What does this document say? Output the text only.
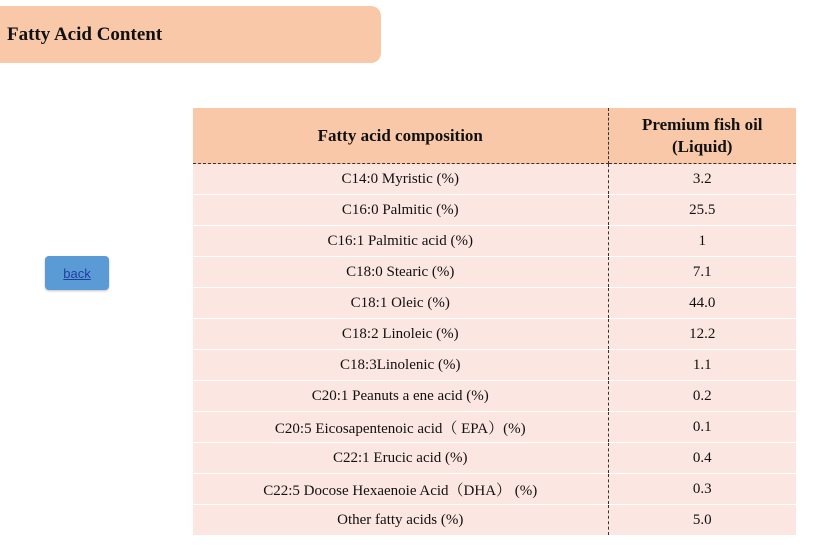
Fatty Acid Content
back
Fatty acid composition	Premium fish oil
(Liquid)

C14:0 Myristic (%)	3.2
C16:0 Palmitic (%)	25.5
C16:1 Palmitic acid (%)	1
C18:0 Stearic (%)	7.1
C18:1 Oleic (%)	44.0
C18:2 Linoleic (%)	12.2
C18:3Linolenic (%)	1.1
C20:1 Peanuts a ene acid (%)	0.2
C20:5 Eicosapentenoic acid（ EPA）(%)	0.1
C22:1 Erucic acid (%)	0.4
C22:5 Docose Hexaenoie Acid（DHA） (%)	0.3
Other fatty acids (%)	5.0
